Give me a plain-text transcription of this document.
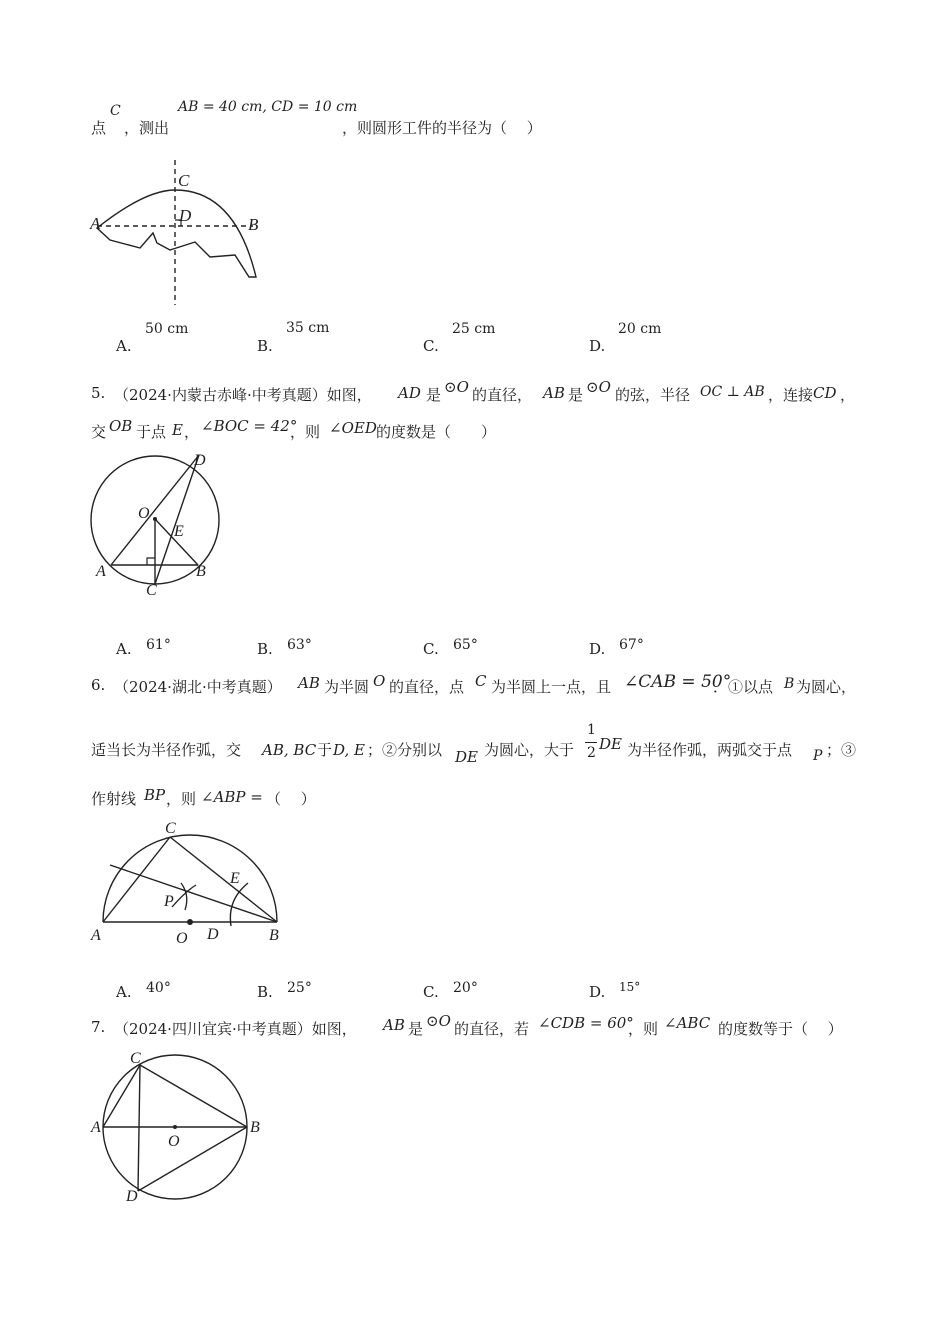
点
C
，测出
AB = 40 cm, CD = 10 cm
，则圆形工件的半径为（　 ）
A	B
C
D
A.
50 cm
B.
35 cm
C.
25 cm
D.
20 cm
5. （2024·内蒙古赤峰·中考真题）如图， AD 是 ⊙O 的直径， AB 是 ⊙O 的弦，半径 OC ⊥ AB ，连接 CD ，
交 OB 于点 E ， ∠BOC = 42°
，则 ∠OED 的度数是（　　）
D
O
E
A	B
C
A. 61°	B. 63°	C. 65°	D. 67°
6. （2024·湖北·中考真题） AB 为半圆 O 的直径，点 C 为半圆上一点，且 ∠CAB = 50°
．①以点 B 为圆心，
适当长为半径作弧，交 AB, BC 于 D, E ；②分别以 DE 为圆心，大于
1
2 DE 为半径作弧，两弧交于点 P ；③
作射线 BP ，则 ∠ABP = （　 ）
C
E
P
A	O D	B
A. 40°	B. 25°	C. 20°	D. 15°
7. （2024·四川宜宾·中考真题）如图， AB 是 ⊙O 的直径，若 ∠CDB = 60°
，则 ∠ABC 的度数等于（　 ）
C
A	B
O
D
